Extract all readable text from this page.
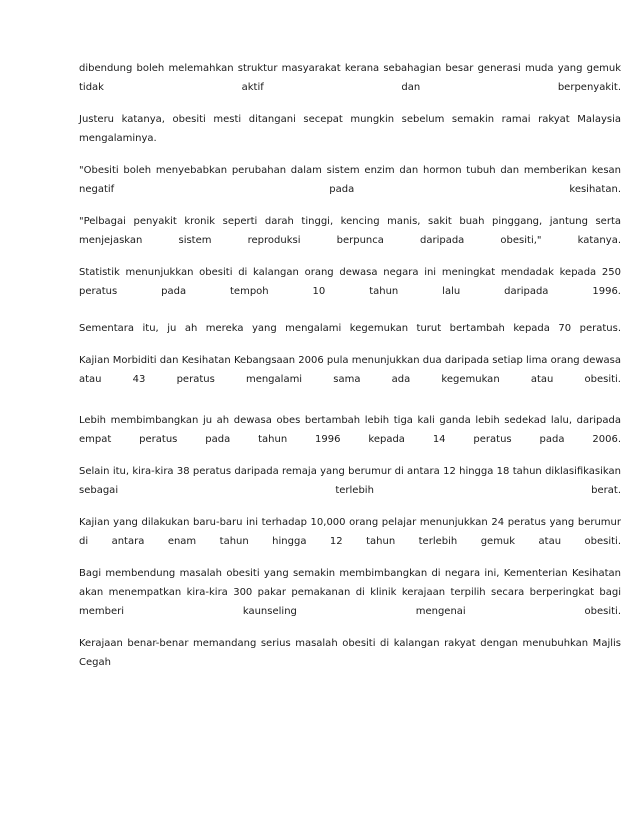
dibendung boleh melemahkan struktur masyarakat kerana sebahagian besar generasi muda yang gemuk tidak aktif dan berpenyakit.

Justeru katanya, obesiti mesti ditangani secepat mungkin sebelum semakin ramai rakyat Malaysia mengalaminya.

"Obesiti boleh menyebabkan perubahan dalam sistem enzim dan hormon tubuh dan memberikan kesan negatif pada kesihatan.

"Pelbagai penyakit kronik seperti darah tinggi, kencing manis, sakit buah pinggang, jantung serta menjejaskan sistem reproduksi berpunca daripada obesiti," katanya.

Statistik menunjukkan obesiti di kalangan orang dewasa negara ini meningkat mendadak kepada 250 peratus pada tempoh 10 tahun lalu daripada 1996.

Sementara itu, ju ah mereka yang mengalami kegemukan turut bertambah kepada 70 peratus.

Kajian Morbiditi dan Kesihatan Kebangsaan 2006 pula menunjukkan dua daripada setiap lima orang dewasa atau 43 peratus mengalami sama ada kegemukan atau obesiti.

Lebih membimbangkan ju ah dewasa obes bertambah lebih tiga kali ganda lebih sedekad lalu, daripada empat peratus pada tahun 1996 kepada 14 peratus pada 2006.

Selain itu, kira-kira 38 peratus daripada remaja yang berumur di antara 12 hingga 18 tahun diklasifikasikan sebagai terlebih berat.

Kajian yang dilakukan baru-baru ini terhadap 10,000 orang pelajar menunjukkan 24 peratus yang berumur di antara enam tahun hingga 12 tahun terlebih gemuk atau obesiti.

Bagi membendung masalah obesiti yang semakin membimbangkan di negara ini, Kementerian Kesihatan akan menempatkan kira-kira 300 pakar pemakanan di klinik kerajaan terpilih secara berperingkat bagi memberi kaunseling mengenai obesiti.

Kerajaan benar-benar memandang serius masalah obesiti di kalangan rakyat dengan menubuhkan Majlis Cegah
